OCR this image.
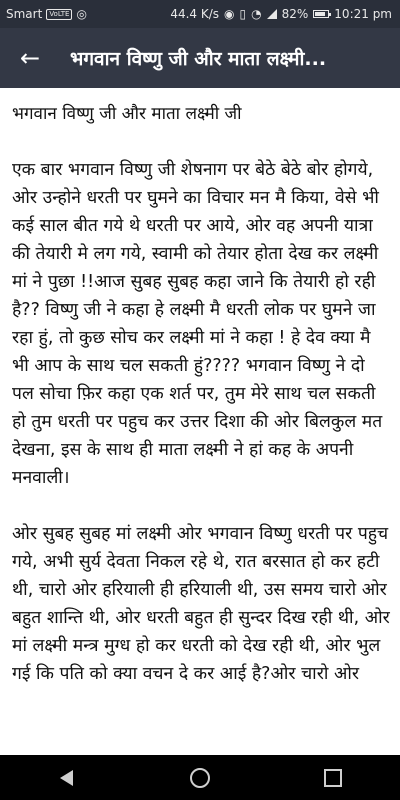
Smart	VoLTE ◎	44.4 K/s ◉ ▯ ◔ 82% 10:21 pm
←	भगवान विष्णु जी और माता लक्ष्मी...

भगवान विष्णु जी और माता लक्ष्मी जी

एक बार भगवान विष्णु जी शेषनाग पर बेठे बेठे बोर होगये, ओर उन्होने धरती पर घुमने का विचार मन मै किया, वेसे भी कई साल बीत गये थे धरती पर आये, ओर वह अपनी यात्रा की तेयारी मे लग गये, स्वामी को तेयार होता देख कर लक्ष्मी मां ने पुछा !!आज सुबह सुबह कहा जाने कि तेयारी हो रही है?? विष्णु जी ने कहा हे लक्ष्मी मै धरती लोक पर घुमने जा रहा हुं, तो कुछ सोच कर लक्ष्मी मां ने कहा ! हे देव क्या मै भी आप के साथ चल सकती हुं???? भगवान विष्णु ने दो पल सोचा फ़िर कहा एक शर्त पर, तुम मेरे साथ चल सकती हो तुम धरती पर पहुच कर उत्तर दिशा की ओर बिलकुल मत देखना, इस के साथ ही माता लक्ष्मी ने हां कह के अपनी मनवाली।

ओर सुबह सुबह मां लक्ष्मी ओर भगवान विष्णु धरती पर पहुच गये, अभी सुर्य देवता निकल रहे थे, रात बरसात हो कर हटी थी, चारो ओर हरियाली ही हरियाली थी, उस समय चारो ओर बहुत शान्ति थी, ओर धरती बहुत ही सुन्दर दिख रही थी, ओर मां लक्ष्मी मन्त्र मुग्ध हो कर धरती को देख रही थी, ओर भुल गई कि पति को क्या वचन दे कर आई है?ओर चारो ओर
